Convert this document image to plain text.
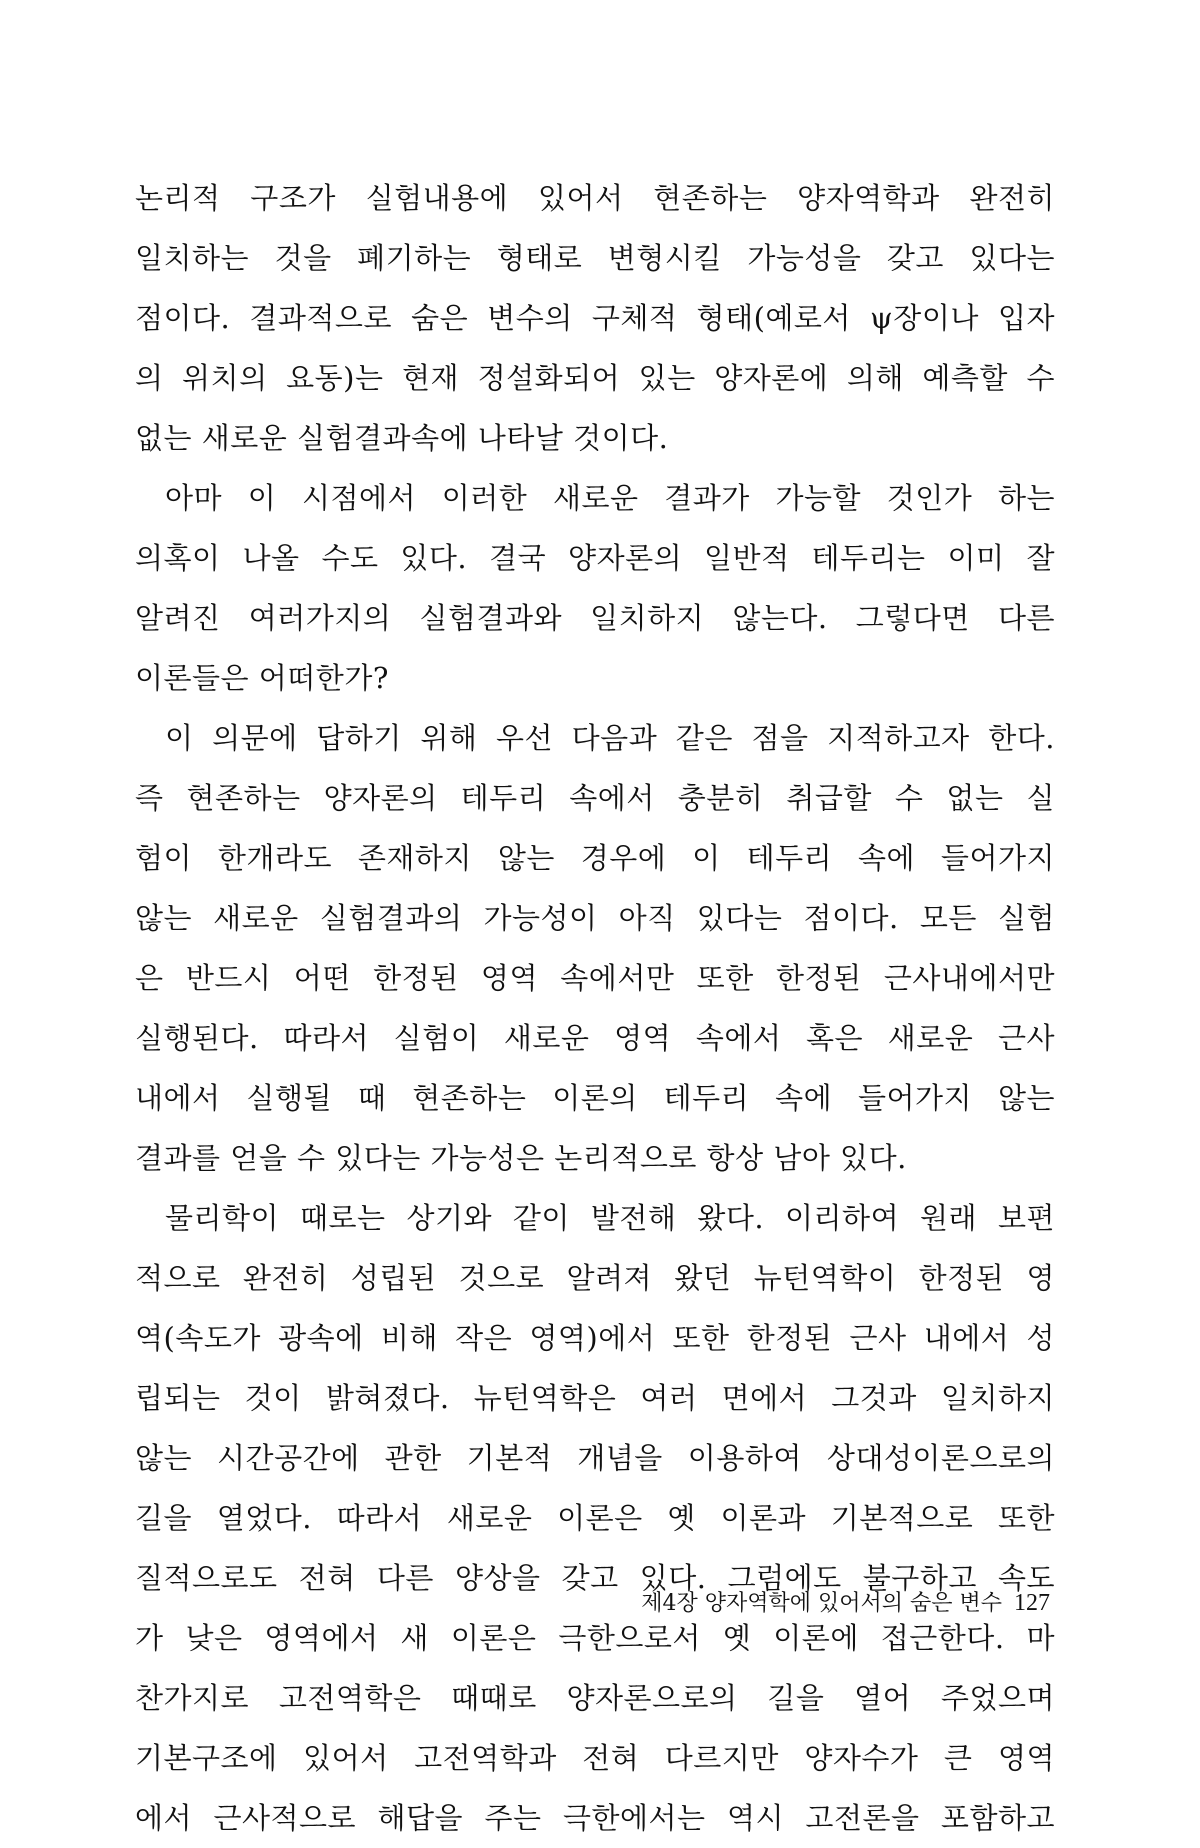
논리적 구조가 실험내용에 있어서 현존하는 양자역학과 완전히
일치하는 것을 폐기하는 형태로 변형시킬 가능성을 갖고 있다는
점이다. 결과적으로 숨은 변수의 구체적 형태(예로서 ψ장이나 입자
의 위치의 요동)는 현재 정설화되어 있는 양자론에 의해 예측할 수
없는 새로운 실험결과속에 나타날 것이다.
아마 이 시점에서 이러한 새로운 결과가 가능할 것인가 하는
의혹이 나올 수도 있다. 결국 양자론의 일반적 테두리는 이미 잘
알려진 여러가지의 실험결과와 일치하지 않는다. 그렇다면 다른
이론들은 어떠한가?
이 의문에 답하기 위해 우선 다음과 같은 점을 지적하고자 한다.
즉 현존하는 양자론의 테두리 속에서 충분히 취급할 수 없는 실
험이 한개라도 존재하지 않는 경우에 이 테두리 속에 들어가지
않는 새로운 실험결과의 가능성이 아직 있다는 점이다. 모든 실험
은 반드시 어떤 한정된 영역 속에서만 또한 한정된 근사내에서만
실행된다. 따라서 실험이 새로운 영역 속에서 혹은 새로운 근사
내에서 실행될 때 현존하는 이론의 테두리 속에 들어가지 않는
결과를 얻을 수 있다는 가능성은 논리적으로 항상 남아 있다.
물리학이 때로는 상기와 같이 발전해 왔다. 이리하여 원래 보편
적으로 완전히 성립된 것으로 알려져 왔던 뉴턴역학이 한정된 영
역(속도가 광속에 비해 작은 영역)에서 또한 한정된 근사 내에서 성
립되는 것이 밝혀졌다. 뉴턴역학은 여러 면에서 그것과 일치하지
않는 시간공간에 관한 기본적 개념을 이용하여 상대성이론으로의
길을 열었다. 따라서 새로운 이론은 옛 이론과 기본적으로 또한
질적으로도 전혀 다른 양상을 갖고 있다. 그럼에도 불구하고 속도
가 낮은 영역에서 새 이론은 극한으로서 옛 이론에 접근한다. 마
찬가지로 고전역학은 때때로 양자론으로의 길을 열어 주었으며
기본구조에 있어서 고전역학과 전혀 다르지만 양자수가 큰 영역
에서 근사적으로 해답을 주는 극한에서는 역시 고전론을 포함하고
제4장 양자역학에 있어서의 숨은 변수 127
